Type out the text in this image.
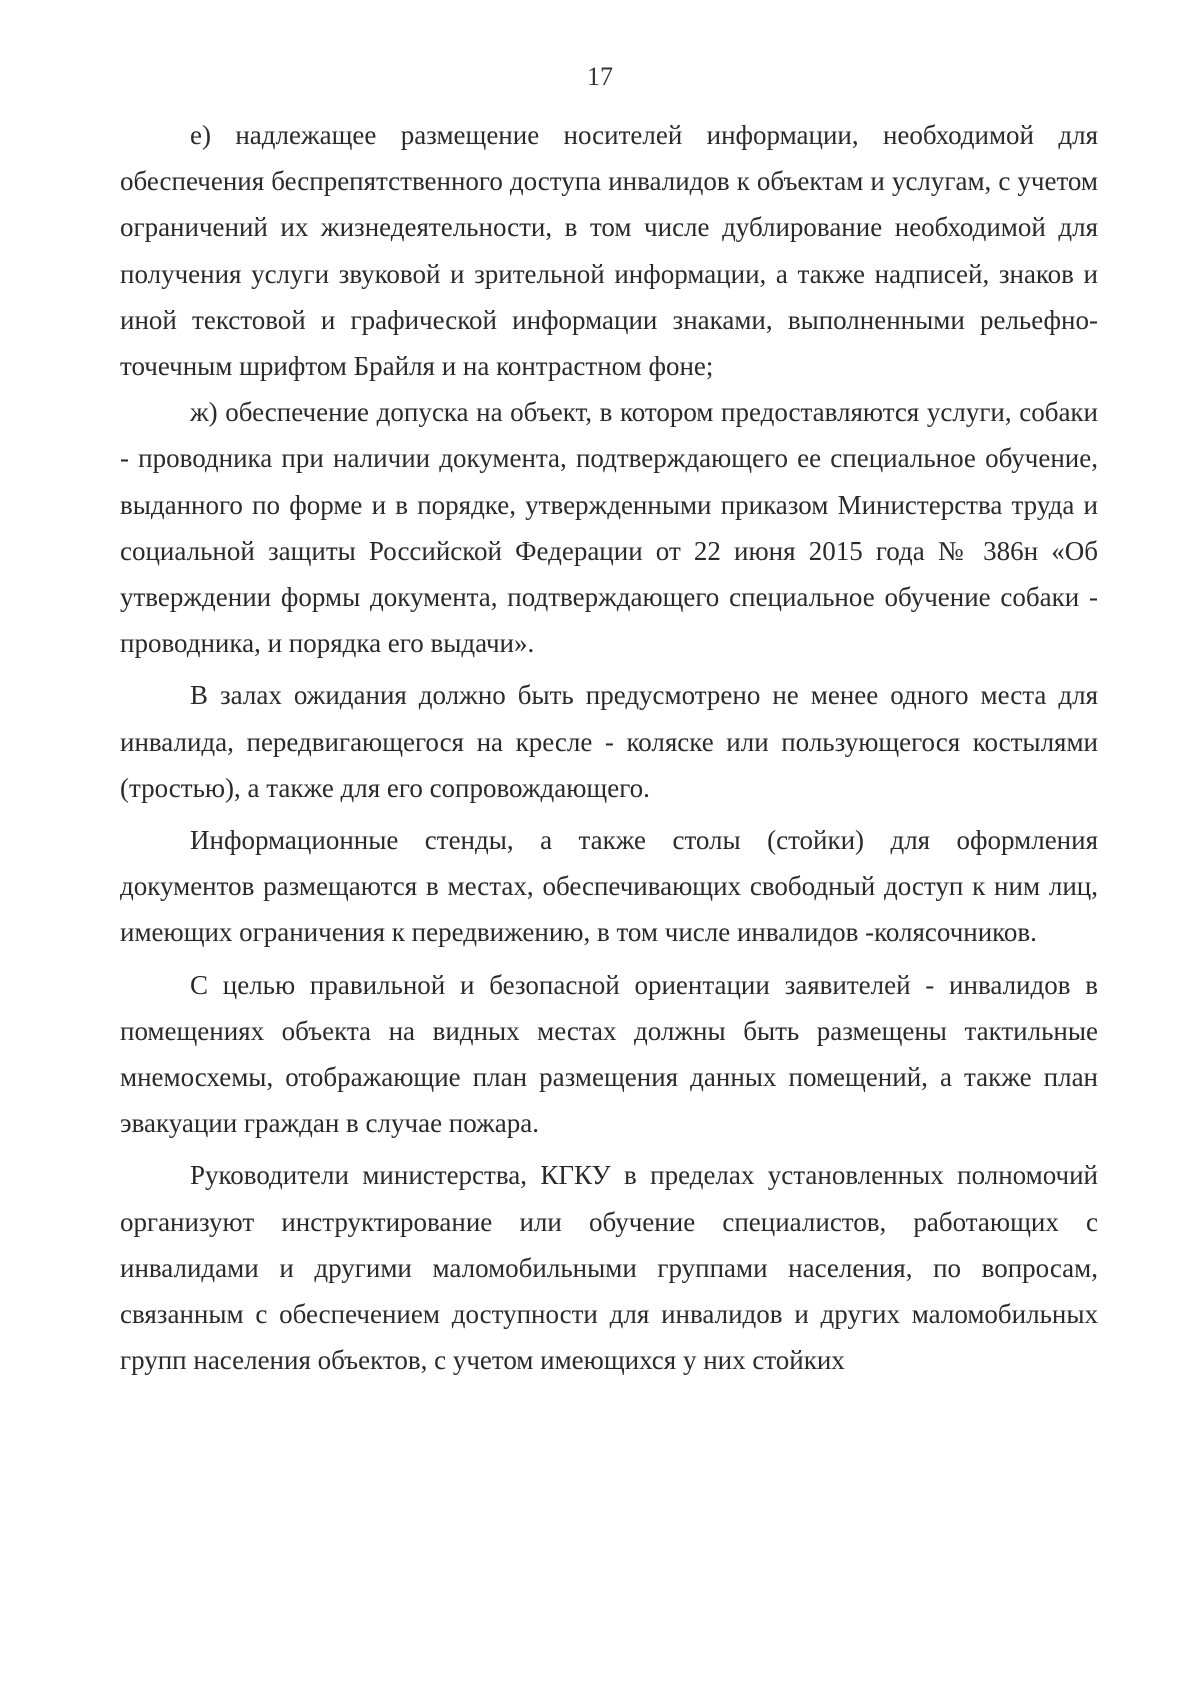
17

е) надлежащее размещение носителей информации, необходимой для обеспечения беспрепятственного доступа инвалидов к объектам и услугам, с учетом ограничений их жизнедеятельности, в том числе дублирование необходимой для получения услуги звуковой и зрительной информации, а также надписей, знаков и иной текстовой и графической информации знаками, выполненными рельефно-точечным шрифтом Брайля и на контрастном фоне;

ж) обеспечение допуска на объект, в котором предоставляются услуги, собаки - проводника при наличии документа, подтверждающего ее специальное обучение, выданного по форме и в порядке, утвержденными приказом Министерства труда и социальной защиты Российской Федерации от 22 июня 2015 года № 386н «Об утверждении формы документа, подтверждающего специальное обучение собаки - проводника, и порядка его выдачи».

В залах ожидания должно быть предусмотрено не менее одного места для инвалида, передвигающегося на кресле - коляске или пользующегося костылями (тростью), а также для его сопровождающего.

Информационные стенды, а также столы (стойки) для оформления документов размещаются в местах, обеспечивающих свободный доступ к ним лиц, имеющих ограничения к передвижению, в том числе инвалидов -колясочников.

С целью правильной и безопасной ориентации заявителей - инвалидов в помещениях объекта на видных местах должны быть размещены тактильные мнемосхемы, отображающие план размещения данных помещений, а также план эвакуации граждан в случае пожара.

Руководители министерства, КГКУ в пределах установленных полномочий организуют инструктирование или обучение специалистов, работающих с инвалидами и другими маломобильными группами населения, по вопросам, связанным с обеспечением доступности для инвалидов и других маломобильных групп населения объектов, с учетом имеющихся у них стойких
